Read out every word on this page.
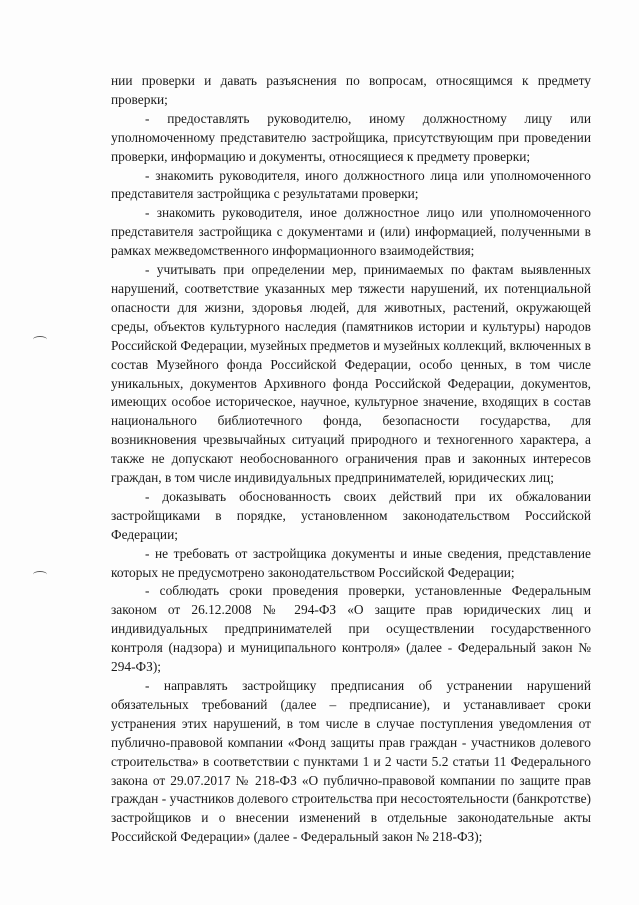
нии проверки и давать разъяснения по вопросам, относящимся к предмету проверки;

- предоставлять руководителю, иному должностному лицу или уполномоченному представителю застройщика, присутствующим при проведении проверки, информацию и документы, относящиеся к предмету проверки;

- знакомить руководителя, иного должностного лица или уполномоченного представителя застройщика с результатами проверки;

- знакомить руководителя, иное должностное лицо или уполномоченного представителя застройщика с документами и (или) информацией, полученными в рамках межведомственного информационного взаимодействия;

- учитывать при определении мер, принимаемых по фактам выявленных нарушений, соответствие указанных мер тяжести нарушений, их потенциальной опасности для жизни, здоровья людей, для животных, растений, окружающей среды, объектов культурного наследия (памятников истории и культуры) народов Российской Федерации, музейных предметов и музейных коллекций, включенных в состав Музейного фонда Российской Федерации, особо ценных, в том числе уникальных, документов Архивного фонда Российской Федерации, документов, имеющих особое историческое, научное, культурное значение, входящих в состав национального библиотечного фонда, безопасности государства, для возникновения чрезвычайных ситуаций природного и техногенного характера, а также не допускают необоснованного ограничения прав и законных интересов граждан, в том числе индивидуальных предпринимателей, юридических лиц;

- доказывать обоснованность своих действий при их обжаловании застройщиками в порядке, установленном законодательством Российской Федерации;

- не требовать от застройщика документы и иные сведения, представление которых не предусмотрено законодательством Российской Федерации;

- соблюдать сроки проведения проверки, установленные Федеральным законом от 26.12.2008 № 294-ФЗ «О защите прав юридических лиц и индивидуальных предпринимателей при осуществлении государственного контроля (надзора) и муниципального контроля» (далее - Федеральный закон № 294-ФЗ);

- направлять застройщику предписания об устранении нарушений обязательных требований (далее – предписание), и устанавливает сроки устранения этих нарушений, в том числе в случае поступления уведомления от публично-правовой компании «Фонд защиты прав граждан - участников долевого строительства» в соответствии с пунктами 1 и 2 части 5.2 статьи 11 Федерального закона от 29.07.2017 № 218-ФЗ «О публично-правовой компании по защите прав граждан - участников долевого строительства при несостоятельности (банкротстве) застройщиков и о внесении изменений в отдельные законодательные акты Российской Федерации» (далее - Федеральный закон № 218-ФЗ);
